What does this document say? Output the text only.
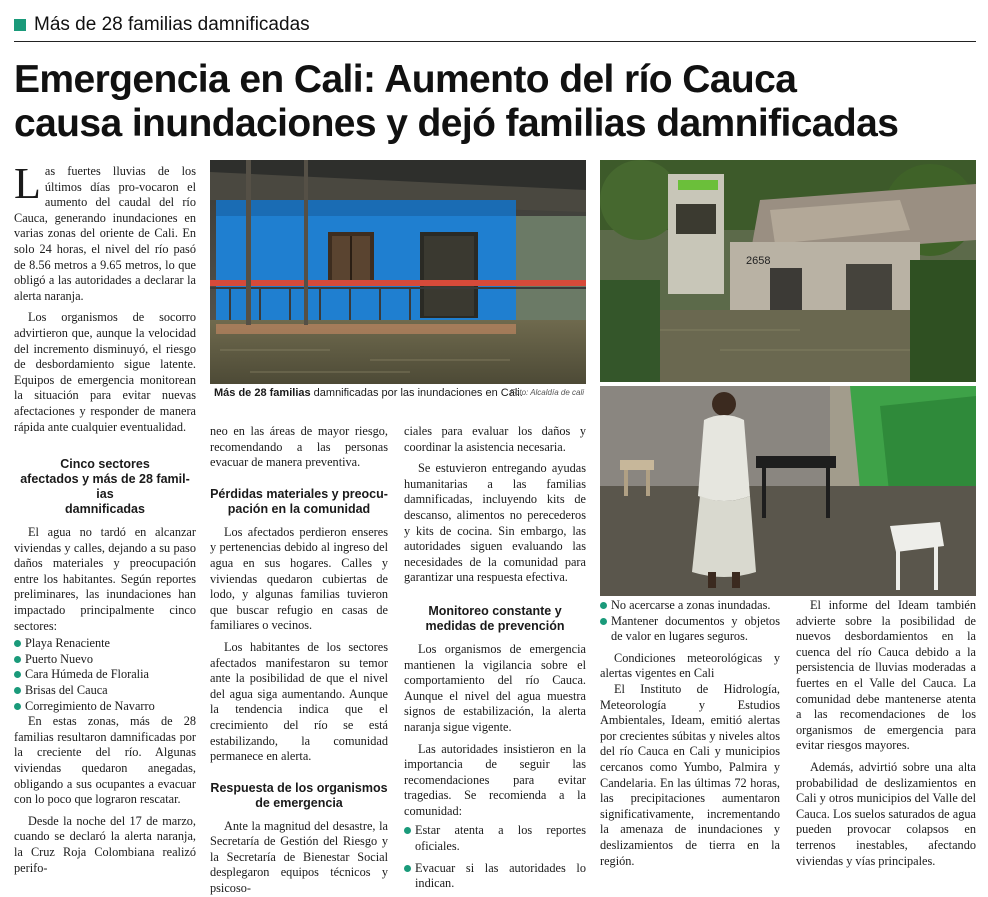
Más de 28 familias damnificadas
Emergencia en Cali: Aumento del río Cauca
causa inundaciones y dejó familias damnificadas
Más de 28 familias damnificadas por las inundaciones en Cali.
Foto: Alcaldía de cali
2658

Las fuertes lluvias de los últimos días pro-vocaron el aumento del caudal del río Cauca, generando inundaciones en varias zonas del oriente de Cali. En solo 24 horas, el nivel del río pasó de 8.56 metros a 9.65 metros, lo que obligó a las autoridades a declarar la alerta naranja.

Los organismos de socorro advirtieron que, aunque la velocidad del incremento disminuyó, el riesgo de desbordamiento sigue latente. Equipos de emergencia monitorean la situación para evitar nuevas afectaciones y responder de manera rápida ante cualquier eventualidad.

Cinco sectores
afectados y más de 28 famil-
ias
damnificadas

El agua no tardó en alcanzar viviendas y calles, dejando a su paso daños materiales y preocupación entre los habitantes. Según reportes preliminares, las inundaciones han impactado principalmente cinco sectores:

Playa Renaciente
Puerto Nuevo
Cara Húmeda de Floralia
Brisas del Cauca
Corregimiento de Navarro

En estas zonas, más de 28 familias resultaron damnificadas por la creciente del río. Algunas viviendas quedaron anegadas, obligando a sus ocupantes a evacuar con lo poco que lograron rescatar.

Desde la noche del 17 de marzo, cuando se declaró la alerta naranja, la Cruz Roja Colombiana realizó perifo-

neo en las áreas de mayor riesgo, recomendando a las personas evacuar de manera preventiva.

Pérdidas materiales y preocu-
pación en la comunidad

Los afectados perdieron enseres y pertenencias debido al ingreso del agua en sus hogares. Calles y viviendas quedaron cubiertas de lodo, y algunas familias tuvieron que buscar refugio en casas de familiares o vecinos.

Los habitantes de los sectores afectados manifestaron su temor ante la posibilidad de que el nivel del agua siga aumentando. Aunque la tendencia indica que el crecimiento del río se está estabilizando, la comunidad permanece en alerta.

Respuesta de los organismos
de emergencia

Ante la magnitud del desastre, la Secretaría de Gestión del Riesgo y la Secretaría de Bienestar Social desplegaron equipos técnicos y psicoso-

ciales para evaluar los daños y coordinar la asistencia necesaria.

Se estuvieron entregando ayudas humanitarias a las familias damnificadas, incluyendo kits de descanso, alimentos no perecederos y kits de cocina. Sin embargo, las autoridades siguen evaluando las necesidades de la comunidad para garantizar una respuesta efectiva.

Monitoreo constante y
medidas de prevención

Los organismos de emergencia mantienen la vigilancia sobre el comportamiento del río Cauca. Aunque el nivel del agua muestra signos de estabilización, la alerta naranja sigue vigente.

Las autoridades insistieron en la importancia de seguir las recomendaciones para evitar tragedias. Se recomienda a la comunidad:

Estar atenta a los reportes oficiales.
Evacuar si las autoridades lo indican.
No acercarse a zonas inundadas.
Mantener documentos y objetos de valor en lugares seguros.

Condiciones meteorológicas y alertas vigentes en Cali

El Instituto de Hidrología, Meteorología y Estudios Ambientales, Ideam, emitió alertas por crecientes súbitas y niveles altos del río Cauca en Cali y municipios cercanos como Yumbo, Palmira y Candelaria. En las últimas 72 horas, las precipitaciones aumentaron significativamente, incrementando la amenaza de inundaciones y deslizamientos de tierra en la región.

El informe del Ideam también advierte sobre la posibilidad de nuevos desbordamientos en la cuenca del río Cauca debido a la persistencia de lluvias moderadas a fuertes en el Valle del Cauca. La comunidad debe mantenerse atenta a las recomendaciones de los organismos de emergencia para evitar riesgos mayores.

Además, advirtió sobre una alta probabilidad de deslizamientos en Cali y otros municipios del Valle del Cauca. Los suelos saturados de agua pueden provocar colapsos en terrenos inestables, afectando viviendas y vías principales.
